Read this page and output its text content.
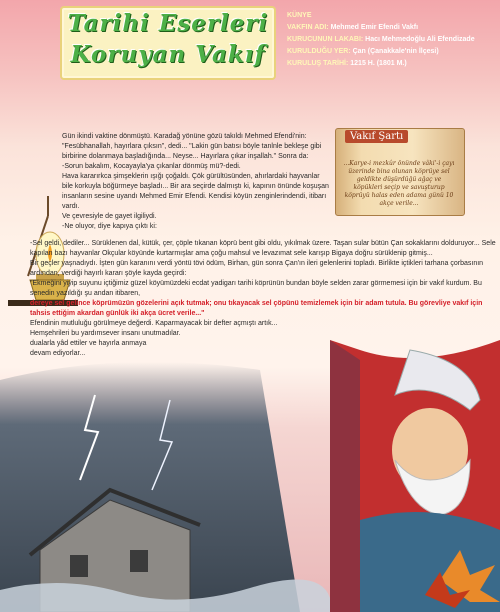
Tarihi Eserleri
Koruyan Vakıf
KÜNYE
VAKFIN ADI: Mehmed Emir Efendi Vakfı
KURUCUNUN LAKABI: Hacı Mehmedoğlu Ali Efendizade
KURULDUĞU YER: Çan (Çanakkale'nin İlçesi)
KURULUŞ TARİHİ: 1215 H. (1801 M.)
Vakıf Şartı
...Karye-i mezkûr önünde vâki'-i çayı üzerinde bina olunan köprüye sel geldikte düşürdüğü ağaç ve köpükleri seçip ve savuşturup köprüyü halas eden adama günü 10 akçe verile...

Gün ikindi vaktine dönmüştü. Karadağ yönüne gözü takıldı Mehmed Efendi'nin: "Fesübhanallah, hayırlara çıksın", dedi... "Lakin gün batısı böyle tanlnle bekleşe gibi birbirine dolanmaya başladığında... Neyse... Hayırlara çıkar inşallah." Sonra da:

-Sorun bakalım, Kocayayla'ya çıkanlar dönmüş mü?-dedi.

Hava kararırkca şimşeklerin ışığı çoğaldı. Çök gürültüsünden, ahırlardaki hayvanlar bile korkuyla böğürmeye başladı... Bir ara seçirde dalmıştı ki, kapının önünde koşuşan insanların sesine uyandı Mehmed Emir Efendi. Kendisi köyün zenginlerindendi, itibarı vardı.

Ve çevresiyle de gayet ilgiliydi.

-Ne oluyor, diye kapıya çıktı ki:

-Sel geldi, dediler... Sürüklenen dal, kütük, çer, çöple tıkanan köprü bent gibi oldu, yıkılmak üzere. Taşan sular bütün Çan sokaklarını dolduruyor... Sele kapılan bazı hayvanlar Okçular köyünde kurtarmışlar ama çoğu mahsul ve levazımat sele karışıp Bigaya doğru sürüklenip gitmiş...

Bir geçler yaşnadıydı. İşten gün karanını verdi yöntü tövi ödüm, Birhan, gün sonra Çan'ın ileri gelenlerini topladı. Birlikte içtikleri tarhana çorbasının ardından, verdiği hayırlı kararı şöyle kayda geçirdi:

"Ekmeğini yiyip suyunu içtiğimiz güzel köyümüzdeki ecdat yadigarı tarihi köprünün bundan böyle selden zarar görmemesi için bir vakıf kurdum. Bu senedin yazıldığı şu andan itibaren,

dereye sel gelince köprümüzün gözelerini açık tutmak; onu tıkayacak sel çöpünü temizlemek için bir adam tutula. Bu görevliye vakıf için tahsis ettiğim akardan günlük iki akça ücret verile..."

Efendinin mutluluğu görülmeye değerdi. Kaparmayacak bir defter açmıştı artık...

Hemşehrileri bu yardımsever insanı unutmadılar.

dualarla yâd ettiler ve hayırla anmaya

devam ediyorlar...
